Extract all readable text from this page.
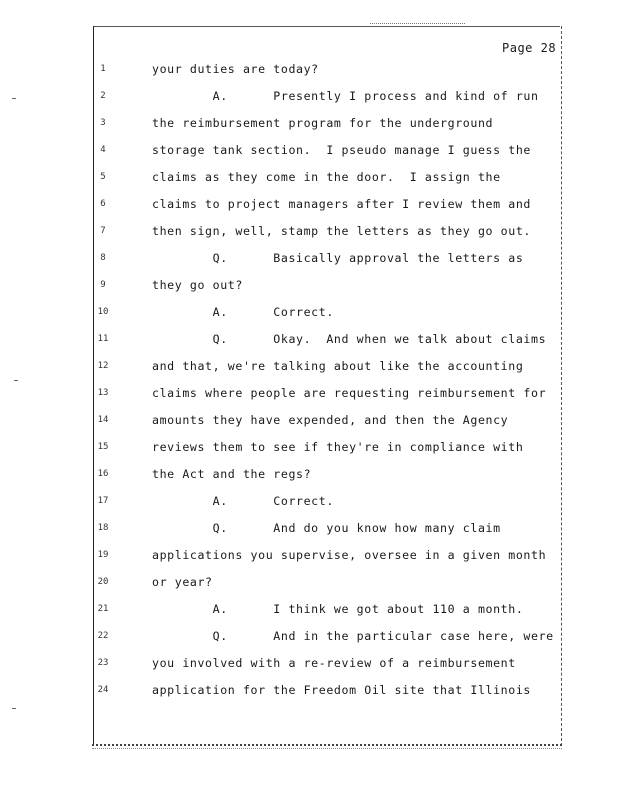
Page 28
1
2
3
4
5
6
7
8
9
10
11
12
13
14
15
16
17
18
19
20
21
22
23
24
your duties are today?
A.      Presently I process and kind of run
the reimbursement program for the underground
storage tank section.  I pseudo manage I guess the
claims as they come in the door.  I assign the
claims to project managers after I review them and
then sign, well, stamp the letters as they go out.
Q.      Basically approval the letters as
they go out?
A.      Correct.
Q.      Okay.  And when we talk about claims
and that, we're talking about like the accounting
claims where people are requesting reimbursement for
amounts they have expended, and then the Agency
reviews them to see if they're in compliance with
the Act and the regs?
A.      Correct.
Q.      And do you know how many claim
applications you supervise, oversee in a given month
or year?
A.      I think we got about 110 a month.
Q.      And in the particular case here, were
you involved with a re-review of a reimbursement
application for the Freedom Oil site that Illinois
